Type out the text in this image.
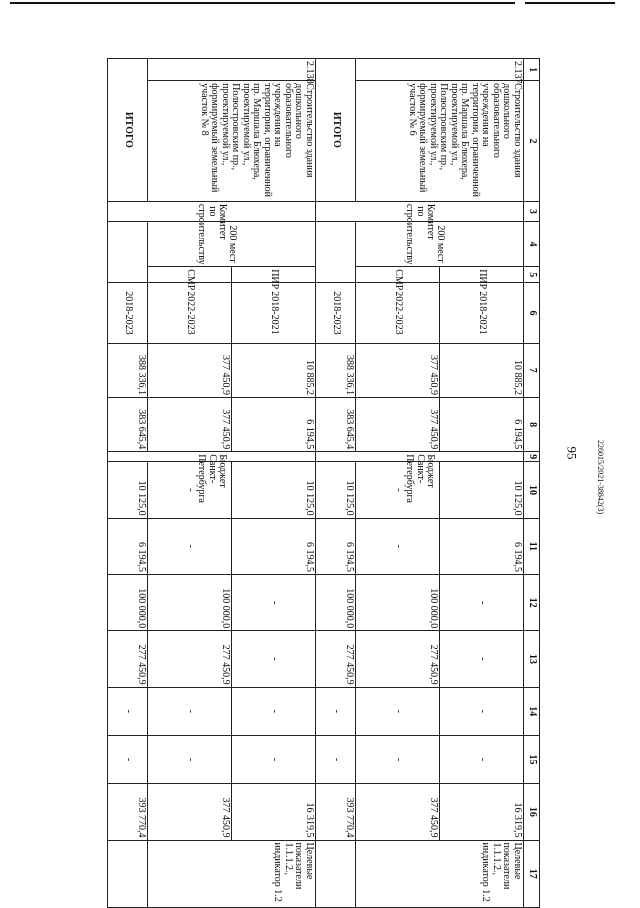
95 226015/2021-38842(3)
1	2	3	4	5	6	7	8	9	10	11	12	13	14	15	16	17
2.137	Строительство здания дошкольного образовательного учреждения на территории, ограниченной пр. Маршала Блюхера, проектируемой ул., Полюстровским пр., проектируемой ул., формируемый земельный участок № 6	Комитет по строительству	200 мест	ПИР	2018-2021	10 885,2	6 194,5	Бюджет Санкт-Петербурга	10 125,0	6 194,5	-	-	-	-	16 319,5	Целевые показатели 1.1.1.2., индикатор 1.2
				СМР	2022-2023	377 450,9	377 450,9		-	-	100 000,0	277 450,9	-	-	377 450,9	
ИТОГО					2018-2023	388 336,1	383 645,4		10 125,0	6 194,5	100 000,0	277 450,9	-	-	393 770,4	
2.138	Строительство здания дошкольного образовательного учреждения на территории, ограниченной пр. Маршала Блюхера, проектируемой ул., Полюстровским пр., проектируемой ул., формируемый земельный участок № 8	Комитет по строительству	200 мест	ПИР	2018-2021	10 885,2	6 194,5	Бюджет Санкт-Петербурга	10 125,0	6 194,5	-	-	-	-	16 319,5	Целевые показатели 1.1.1.2., индикатор 1.2
				СМР	2022-2023	377 450,9	377 450,9		-	-	100 000,0	277 450,9	-	-	377 450,9	
ИТОГО					2018-2023	388 336,1	383 645,4		10 125,0	6 194,5	100 000,0	277 450,9	-	-	393 770,4	
